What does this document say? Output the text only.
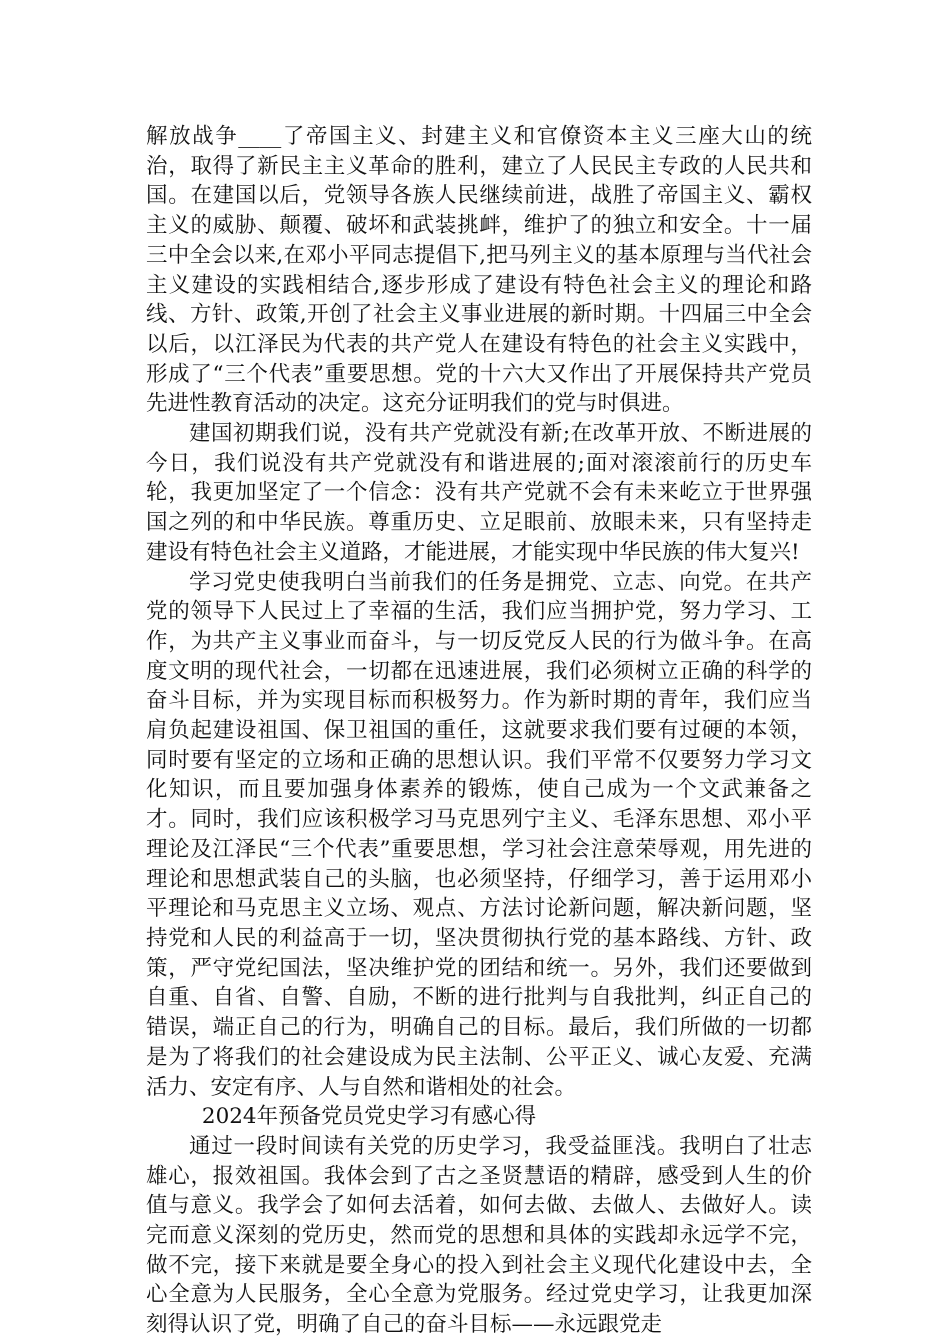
解放战争____了帝国主义、封建主义和官僚资本主义三座大山的统治，取得了新民主主义革命的胜利，建立了人民民主专政的人民共和国。在建国以后，党领导各族人民继续前进，战胜了帝国主义、霸权主义的威胁、颠覆、破坏和武装挑衅，维护了的独立和安全。十一届三中全会以来,在邓小平同志提倡下,把马列主义的基本原理与当代社会主义建设的实践相结合,逐步形成了建设有特色社会主义的理论和路线、方针、政策,开创了社会主义事业进展的新时期。十四届三中全会以后，以江泽民为代表的共产党人在建设有特色的社会主义实践中，形成了“三个代表”重要思想。党的十六大又作出了开展保持共产党员先进性教育活动的决定。这充分证明我们的党与时俱进。

建国初期我们说，没有共产党就没有新;在改革开放、不断进展的今日，我们说没有共产党就没有和谐进展的;面对滚滚前行的历史车轮，我更加坚定了一个信念：没有共产党就不会有未来屹立于世界强国之列的和中华民族。尊重历史、立足眼前、放眼未来，只有坚持走建设有特色社会主义道路，才能进展，才能实现中华民族的伟大复兴!

学习党史使我明白当前我们的任务是拥党、立志、向党。在共产党的领导下人民过上了幸福的生活，我们应当拥护党，努力学习、工作，为共产主义事业而奋斗，与一切反党反人民的行为做斗争。在高度文明的现代社会，一切都在迅速进展，我们必须树立正确的科学的奋斗目标，并为实现目标而积极努力。作为新时期的青年，我们应当肩负起建设祖国、保卫祖国的重任，这就要求我们要有过硬的本领，同时要有坚定的立场和正确的思想认识。我们平常不仅要努力学习文化知识，而且要加强身体素养的锻炼，使自己成为一个文武兼备之才。同时，我们应该积极学习马克思列宁主义、毛泽东思想、邓小平理论及江泽民“三个代表”重要思想，学习社会注意荣辱观，用先进的理论和思想武装自己的头脑，也必须坚持，仔细学习，善于运用邓小平理论和马克思主义立场、观点、方法讨论新问题，解决新问题，坚持党和人民的利益高于一切，坚决贯彻执行党的基本路线、方针、政策，严守党纪国法，坚决维护党的团结和统一。另外，我们还要做到自重、自省、自警、自励，不断的进行批判与自我批判，纠正自己的错误，端正自己的行为，明确自己的目标。最后，我们所做的一切都是为了将我们的社会建设成为民主法制、公平正义、诚心友爱、充满活力、安定有序、人与自然和谐相处的社会。

2024年预备党员党史学习有感心得

通过一段时间读有关党的历史学习，我受益匪浅。我明白了壮志雄心，报效祖国。我体会到了古之圣贤慧语的精辟，感受到人生的价值与意义。我学会了如何去活着，如何去做、去做人、去做好人。读完而意义深刻的党历史，然而党的思想和具体的实践却永远学不完，做不完，接下来就是要全身心的投入到社会主义现代化建设中去，全心全意为人民服务，全心全意为党服务。经过党史学习，让我更加深刻得认识了党，明确了自己的奋斗目标——永远跟党走
